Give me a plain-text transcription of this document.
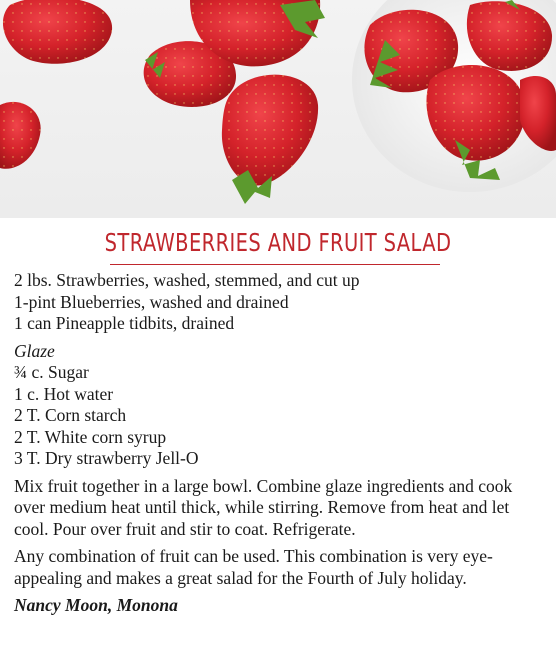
STRAWBERRIES AND FRUIT SALAD
2 lbs. Strawberries, washed, stemmed, and cut up
1-pint Blueberries, washed and drained
1 can Pineapple tidbits, drained
Glaze
¾ c. Sugar
1 c. Hot water
2 T. Corn starch
2 T. White corn syrup
3 T. Dry strawberry Jell-O

Mix fruit together in a large bowl. Combine glaze ingredients and cook over medium heat until thick, while stirring. Remove from heat and let cool. Pour over fruit and stir to coat. Refrigerate.

Any combination of fruit can be used. This combination is very eye-appealing and makes a great salad for the Fourth of July holiday.

Nancy Moon, Monona
